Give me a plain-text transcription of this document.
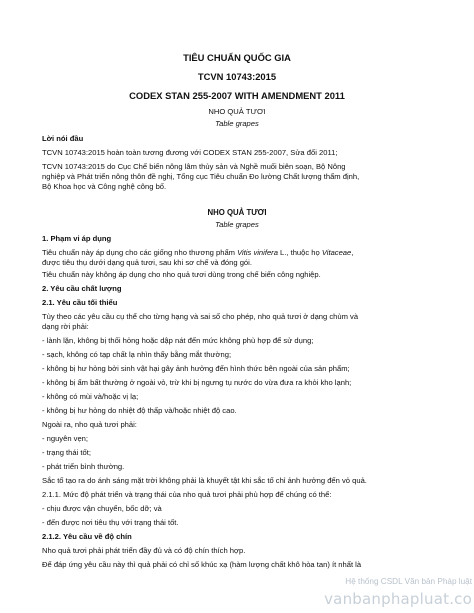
TIÊU CHUẨN QUỐC GIA
TCVN 10743:2015
CODEX STAN 255-2007 WITH AMENDMENT 2011
NHO QUẢ TƯƠI
Table grapes
Lời nói đầu
TCVN 10743:2015 hoàn toàn tương đương với CODEX STAN 255-2007, Sửa đổi 2011;
TCVN 10743:2015 do Cục Chế biến nông lâm thủy sản và Nghề muối biên soạn, Bộ Nông
nghiệp và Phát triển nông thôn đề nghị, Tổng cục Tiêu chuẩn Đo lường Chất lượng thẩm định,
Bộ Khoa học và Công nghệ công bố.
NHO QUẢ TƯƠI
Table grapes
1. Phạm vi áp dụng
Tiêu chuẩn này áp dụng cho các giống nho thương phẩm Vitis vinifera L., thuộc họ Vitaceae,
được tiêu thụ dưới dạng quả tươi, sau khi sơ chế và đóng gói.
Tiêu chuẩn này không áp dụng cho nho quả tươi dùng trong chế biến công nghiệp.
2. Yêu cầu chất lượng
2.1. Yêu cầu tối thiểu
Tùy theo các yêu cầu cụ thể cho từng hạng và sai số cho phép, nho quả tươi ở dạng chùm và
dạng rời phải:
- lành lặn, không bị thối hỏng hoặc dập nát đến mức không phù hợp để sử dụng;
- sạch, không có tạp chất lạ nhìn thấy bằng mắt thường;
- không bị hư hỏng bởi sinh vật hại gây ảnh hưởng đến hình thức bên ngoài của sản phẩm;
- không bị ẩm bất thường ở ngoài vỏ, trừ khi bị ngưng tụ nước do vừa đưa ra khỏi kho lạnh;
- không có mùi và/hoặc vị lạ;
- không bị hư hỏng do nhiệt độ thấp và/hoặc nhiệt độ cao.
Ngoài ra, nho quả tươi phải:
- nguyên vẹn;
- trạng thái tốt;
- phát triển bình thường.
Sắc tố tạo ra do ánh sáng mặt trời không phải là khuyết tật khi sắc tố chỉ ảnh hưởng đến vỏ quả.
2.1.1. Mức độ phát triển và trạng thái của nho quả tươi phải phù hợp để chúng có thể:
- chịu được vận chuyển, bốc dỡ; và
- đến được nơi tiêu thụ với trạng thái tốt.
2.1.2. Yêu cầu về độ chín
Nho quả tươi phải phát triển đầy đủ và có độ chín thích hợp.
Để đáp ứng yêu cầu này thì quả phải có chỉ số khúc xạ (hàm lượng chất khô hòa tan) ít nhất là
Hệ thống CSDL Văn bản Pháp luật
vanbanphapluat.co
